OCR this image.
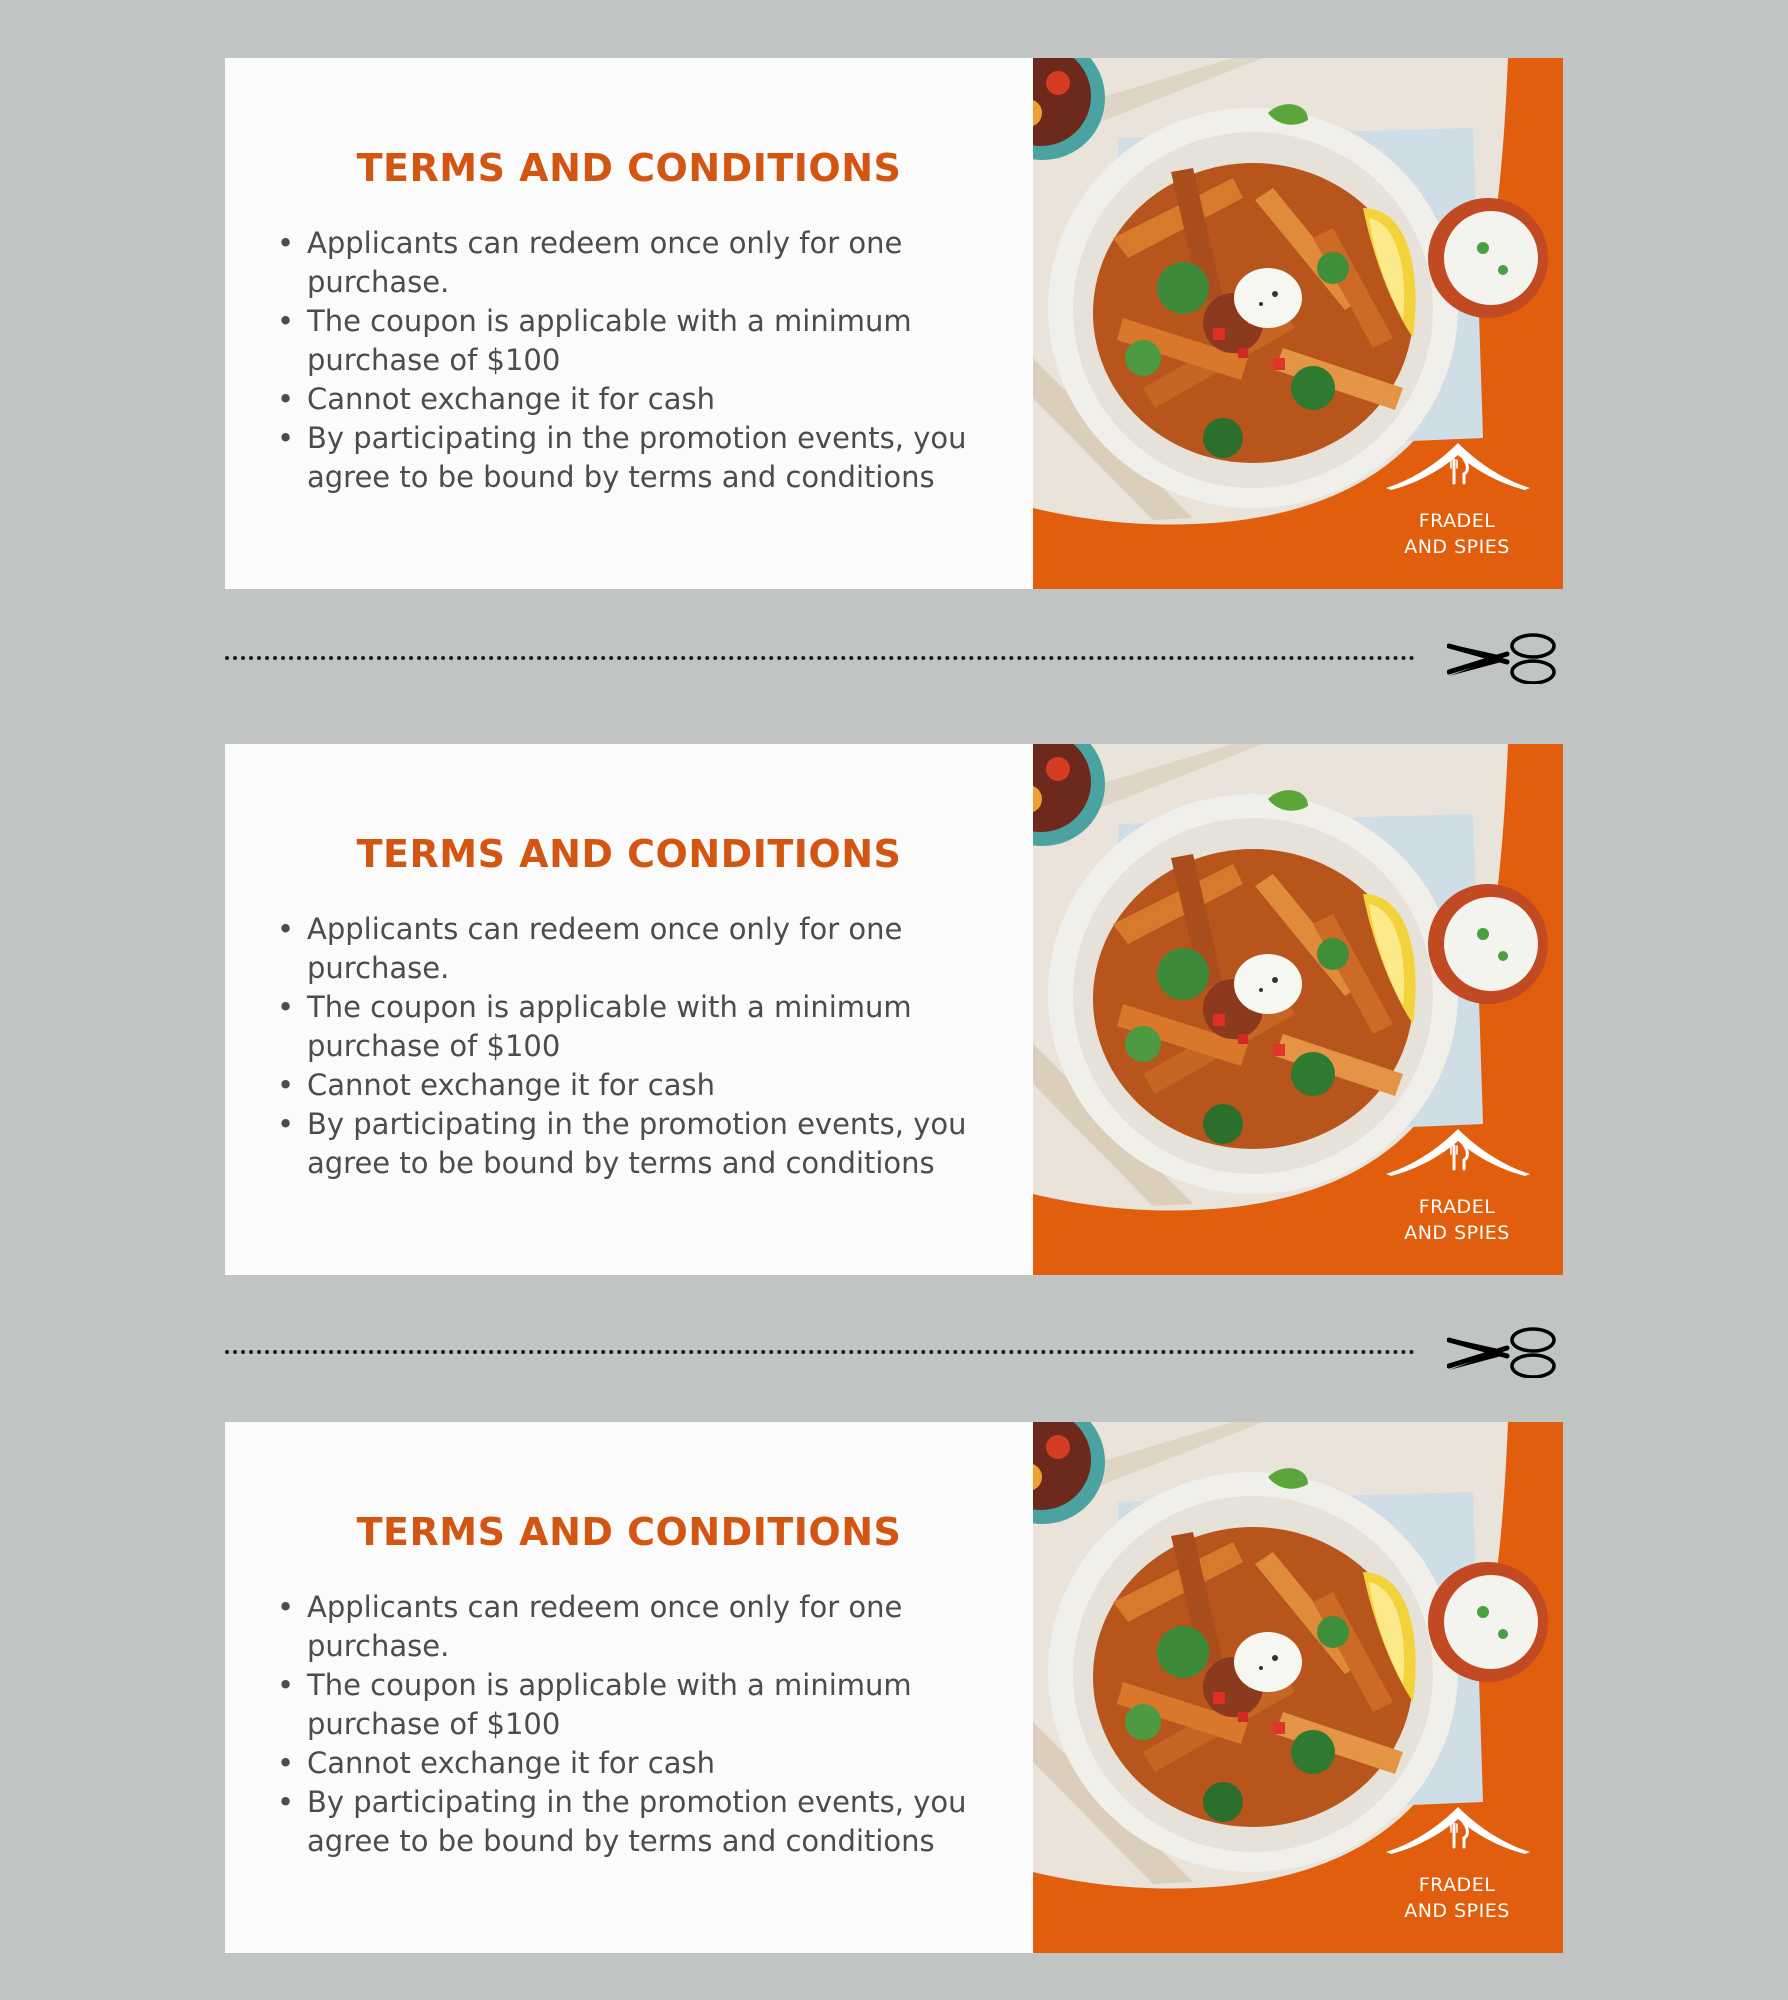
TERMS AND CONDITIONS
• Applicants can redeem once only for one purchase.
• The coupon is applicable with a minimum purchase of $100
• Cannot exchange it for cash
• By participating in the promotion events, you agree to be bound by terms and conditions
FRADEL
AND SPIES
TERMS AND CONDITIONS
• Applicants can redeem once only for one purchase.
• The coupon is applicable with a minimum purchase of $100
• Cannot exchange it for cash
• By participating in the promotion events, you agree to be bound by terms and conditions
FRADEL
AND SPIES
TERMS AND CONDITIONS
• Applicants can redeem once only for one purchase.
• The coupon is applicable with a minimum purchase of $100
• Cannot exchange it for cash
• By participating in the promotion events, you agree to be bound by terms and conditions
FRADEL
AND SPIES
